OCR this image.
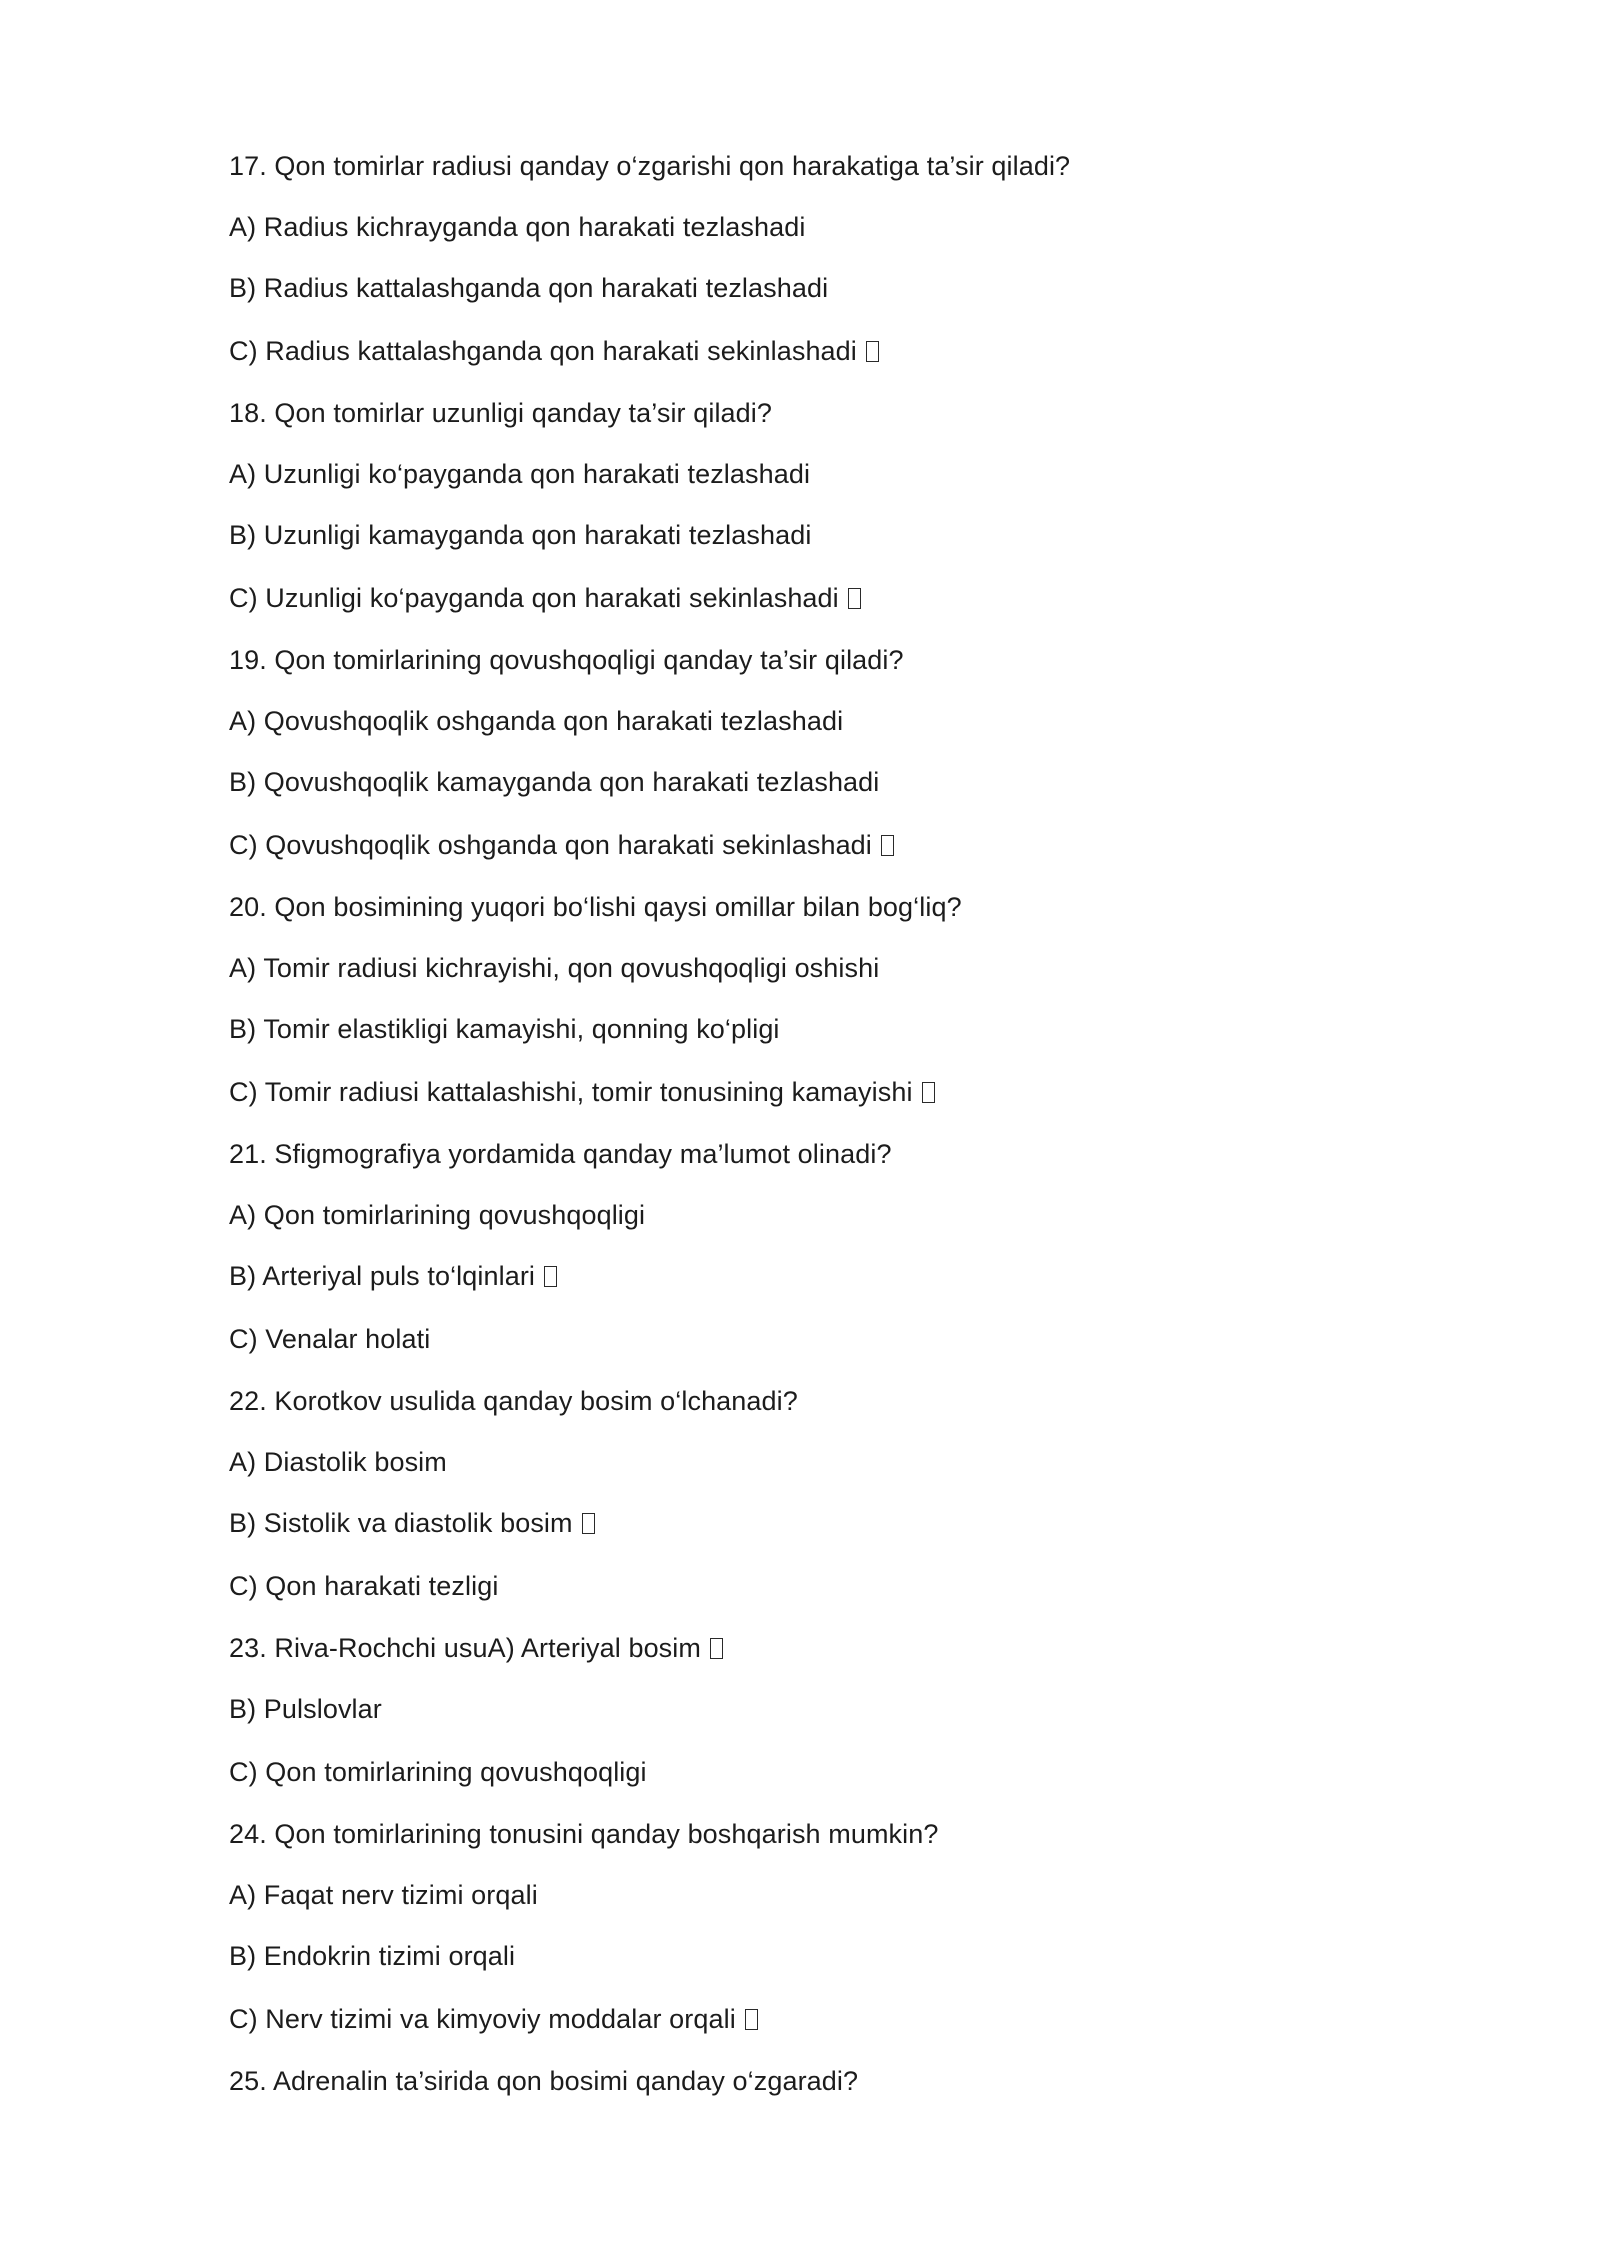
17. Qon tomirlar radiusi qanday o‘zgarishi qon harakatiga ta’sir qiladi?

A) Radius kichrayganda qon harakati tezlashadi

B) Radius kattalashganda qon harakati tezlashadi

C) Radius kattalashganda qon harakati sekinlashadi

18. Qon tomirlar uzunligi qanday ta’sir qiladi?

A) Uzunligi ko‘payganda qon harakati tezlashadi

B) Uzunligi kamayganda qon harakati tezlashadi

C) Uzunligi ko‘payganda qon harakati sekinlashadi

19. Qon tomirlarining qovushqoqligi qanday ta’sir qiladi?

A) Qovushqoqlik oshganda qon harakati tezlashadi

B) Qovushqoqlik kamayganda qon harakati tezlashadi

C) Qovushqoqlik oshganda qon harakati sekinlashadi

20. Qon bosimining yuqori bo‘lishi qaysi omillar bilan bog‘liq?

A) Tomir radiusi kichrayishi, qon qovushqoqligi oshishi

B) Tomir elastikligi kamayishi, qonning ko‘pligi

C) Tomir radiusi kattalashishi, tomir tonusining kamayishi

21. Sfigmografiya yordamida qanday ma’lumot olinadi?

A) Qon tomirlarining qovushqoqligi

B) Arteriyal puls to‘lqinlari

C) Venalar holati

22. Korotkov usulida qanday bosim o‘lchanadi?

A) Diastolik bosim

B) Sistolik va diastolik bosim

C) Qon harakati tezligi

23. Riva-Rochchi usuA) Arteriyal bosim

B) Pulslovlar

C) Qon tomirlarining qovushqoqligi

24. Qon tomirlarining tonusini qanday boshqarish mumkin?

A) Faqat nerv tizimi orqali

B) Endokrin tizimi orqali

C) Nerv tizimi va kimyoviy moddalar orqali

25. Adrenalin ta’sirida qon bosimi qanday o‘zgaradi?
